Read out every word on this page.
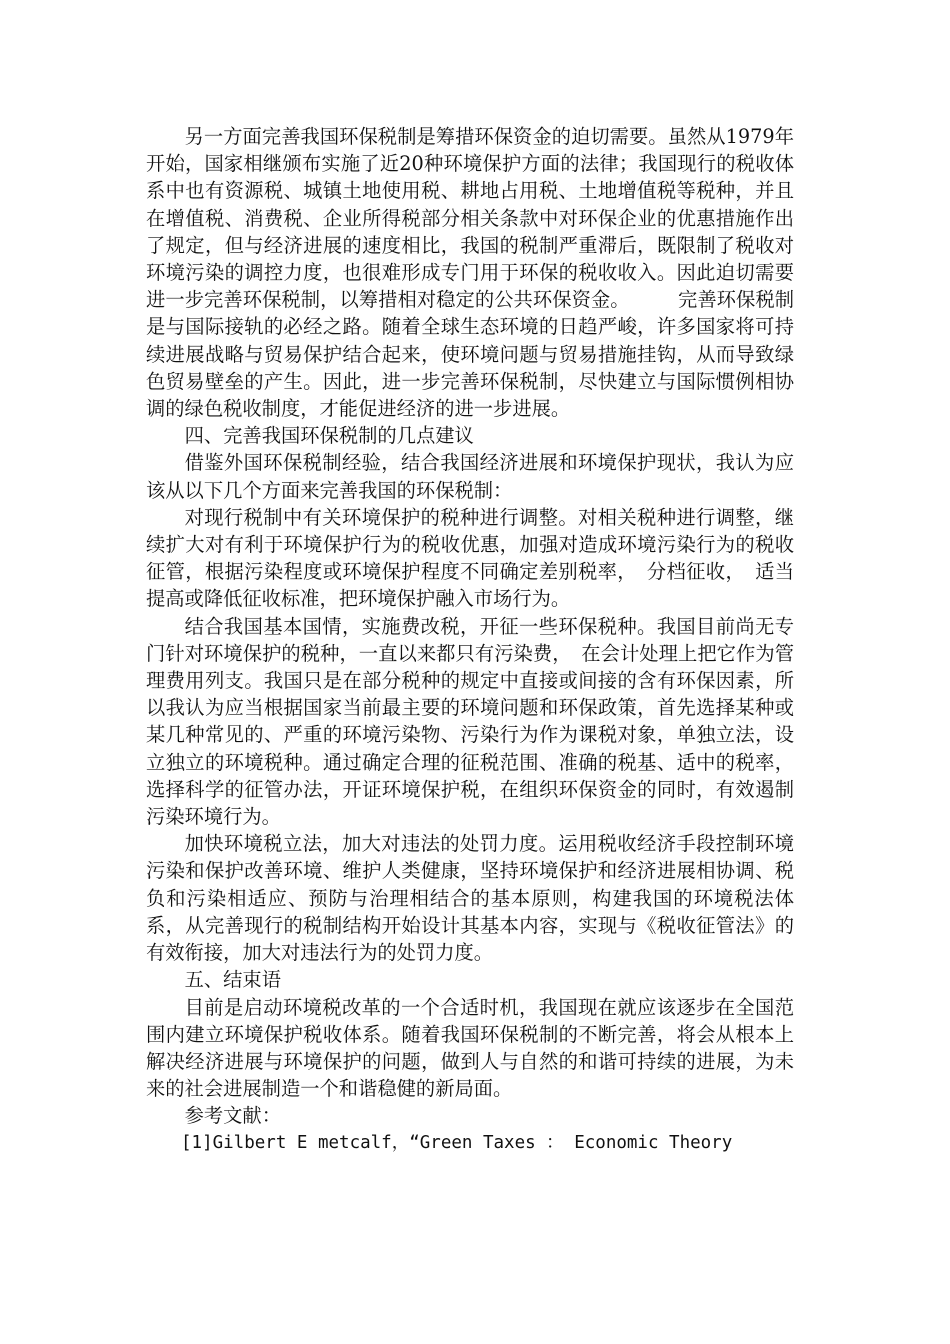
另一方面完善我国环保税制是筹措环保资金的迫切需要。虽然从1979年开始，国家相继颁布实施了近20种环境保护方面的法律；我国现行的税收体系中也有资源税、城镇土地使用税、耕地占用税、土地增值税等税种，并且在增值税、消费税、企业所得税部分相关条款中对环保企业的优惠措施作出了规定，但与经济进展的速度相比，我国的税制严重滞后，既限制了税收对环境污染的调控力度，也很难形成专门用于环保的税收收入。因此迫切需要进一步完善环保税制，以筹措相对稳定的公共环保资金。　　　完善环保税制是与国际接轨的必经之路。随着全球生态环境的日趋严峻，许多国家将可持续进展战略与贸易保护结合起来，使环境问题与贸易措施挂钩，从而导致绿色贸易壁垒的产生。因此，进一步完善环保税制，尽快建立与国际惯例相协调的绿色税收制度，才能促进经济的进一步进展。

四、完善我国环保税制的几点建议

借鉴外国环保税制经验，结合我国经济进展和环境保护现状，我认为应该从以下几个方面来完善我国的环保税制：

对现行税制中有关环境保护的税种进行调整。对相关税种进行调整，继续扩大对有利于环境保护行为的税收优惠，加强对造成环境污染行为的税收征管，根据污染程度或环境保护程度不同确定差别税率，　分档征收，　适当提高或降低征收标准，把环境保护融入市场行为。

结合我国基本国情，实施费改税，开征一些环保税种。我国目前尚无专门针对环境保护的税种，一直以来都只有污染费，　在会计处理上把它作为管理费用列支。我国只是在部分税种的规定中直接或间接的含有环保因素，所以我认为应当根据国家当前最主要的环境问题和环保政策，首先选择某种或某几种常见的、严重的环境污染物、污染行为作为课税对象，单独立法，设立独立的环境税种。通过确定合理的征税范围、准确的税基、适中的税率，选择科学的征管办法，开证环境保护税，在组织环保资金的同时，有效遏制污染环境行为。

加快环境税立法，加大对违法的处罚力度。运用税收经济手段控制环境污染和保护改善环境、维护人类健康，坚持环境保护和经济进展相协调、税负和污染相适应、预防与治理相结合的基本原则，构建我国的环境税法体系，从完善现行的税制结构开始设计其基本内容，实现与《税收征管法》的有效衔接，加大对违法行为的处罚力度。

五、结束语

目前是启动环境税改革的一个合适时机，我国现在就应该逐步在全国范围内建立环境保护税收体系。随着我国环保税制的不断完善，将会从根本上解决经济进展与环境保护的问题，做到人与自然的和谐可持续的进展，为未来的社会进展制造一个和谐稳健的新局面。

参考文献：

[1]Gilbert E metcalf，“Green Taxes ： Economic Theory
